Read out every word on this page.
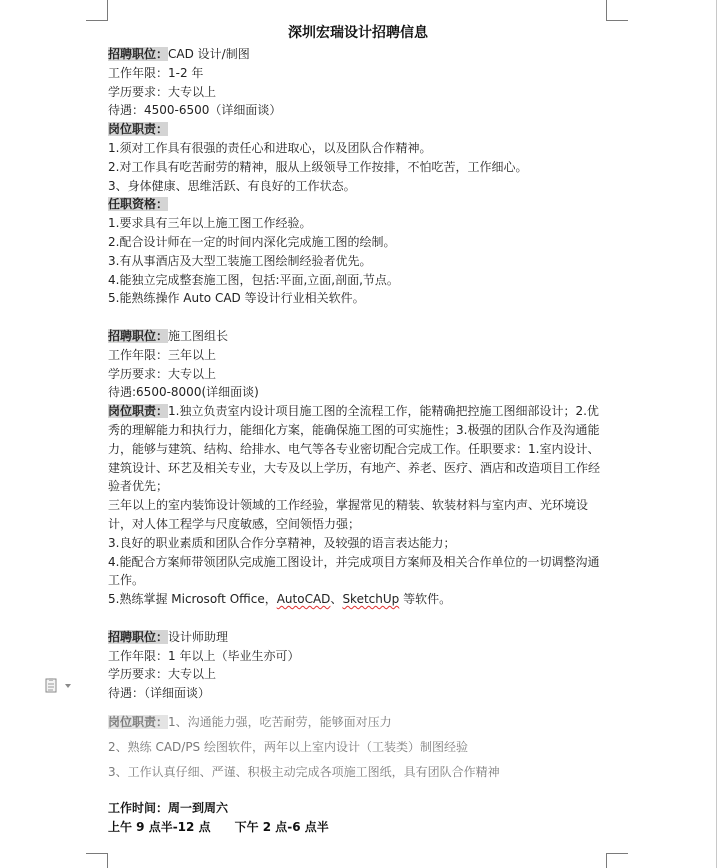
深圳宏瑞设计招聘信息

招聘职位：CAD 设计/制图

工作年限：1-2 年

学历要求：大专以上

待遇：4500-6500（详细面谈）

岗位职责：

1.须对工作具有很强的责任心和进取心，以及团队合作精神。

2.对工作具有吃苦耐劳的精神，服从上级领导工作按排，不怕吃苦，工作细心。

3、身体健康、思维活跃、有良好的工作状态。

任职资格：

1.要求具有三年以上施工图工作经验。

2.配合设计师在一定的时间内深化完成施工图的绘制。

3.有从事酒店及大型工装施工图绘制经验者优先。

4.能独立完成整套施工图，包括:平面,立面,剖面,节点。

5.能熟练操作 Auto CAD 等设计行业相关软件。

招聘职位：施工图组长

工作年限：三年以上

学历要求：大专以上

待遇:6500-8000(详细面谈)

岗位职责：1.独立负责室内设计项目施工图的全流程工作，能精确把控施工图细部设计；2.优秀的理解能力和执行力，能细化方案，能确保施工图的可实施性；3.极强的团队合作及沟通能力，能够与建筑、结构、给排水、电气等各专业密切配合完成工作。任职要求：1.室内设计、建筑设计、环艺及相关专业，大专及以上学历，有地产、养老、医疗、酒店和改造项目工作经验者优先；

三年以上的室内装饰设计领域的工作经验，掌握常见的精装、软装材料与室内声、光环境设计，对人体工程学与尺度敏感，空间领悟力强；

3.良好的职业素质和团队合作分享精神，及较强的语言表达能力；

4.能配合方案师带领团队完成施工图设计，并完成项目方案师及相关合作单位的一切调整沟通工作。

5.熟练掌握 Microsoft Office，AutoCAD、SketchUp 等软件。

招聘职位：设计师助理

工作年限：1 年以上（毕业生亦可）

学历要求：大专以上

待遇：（详细面谈）

岗位职责：1、沟通能力强，吃苦耐劳，能够面对压力

2、熟练 CAD/PS 绘图软件，两年以上室内设计（工装类）制图经验

3、工作认真仔细、严谨、积极主动完成各项施工图纸，具有团队合作精神

工作时间：周一到周六

上午 9 点半-12 点 下午 2 点-6 点半
